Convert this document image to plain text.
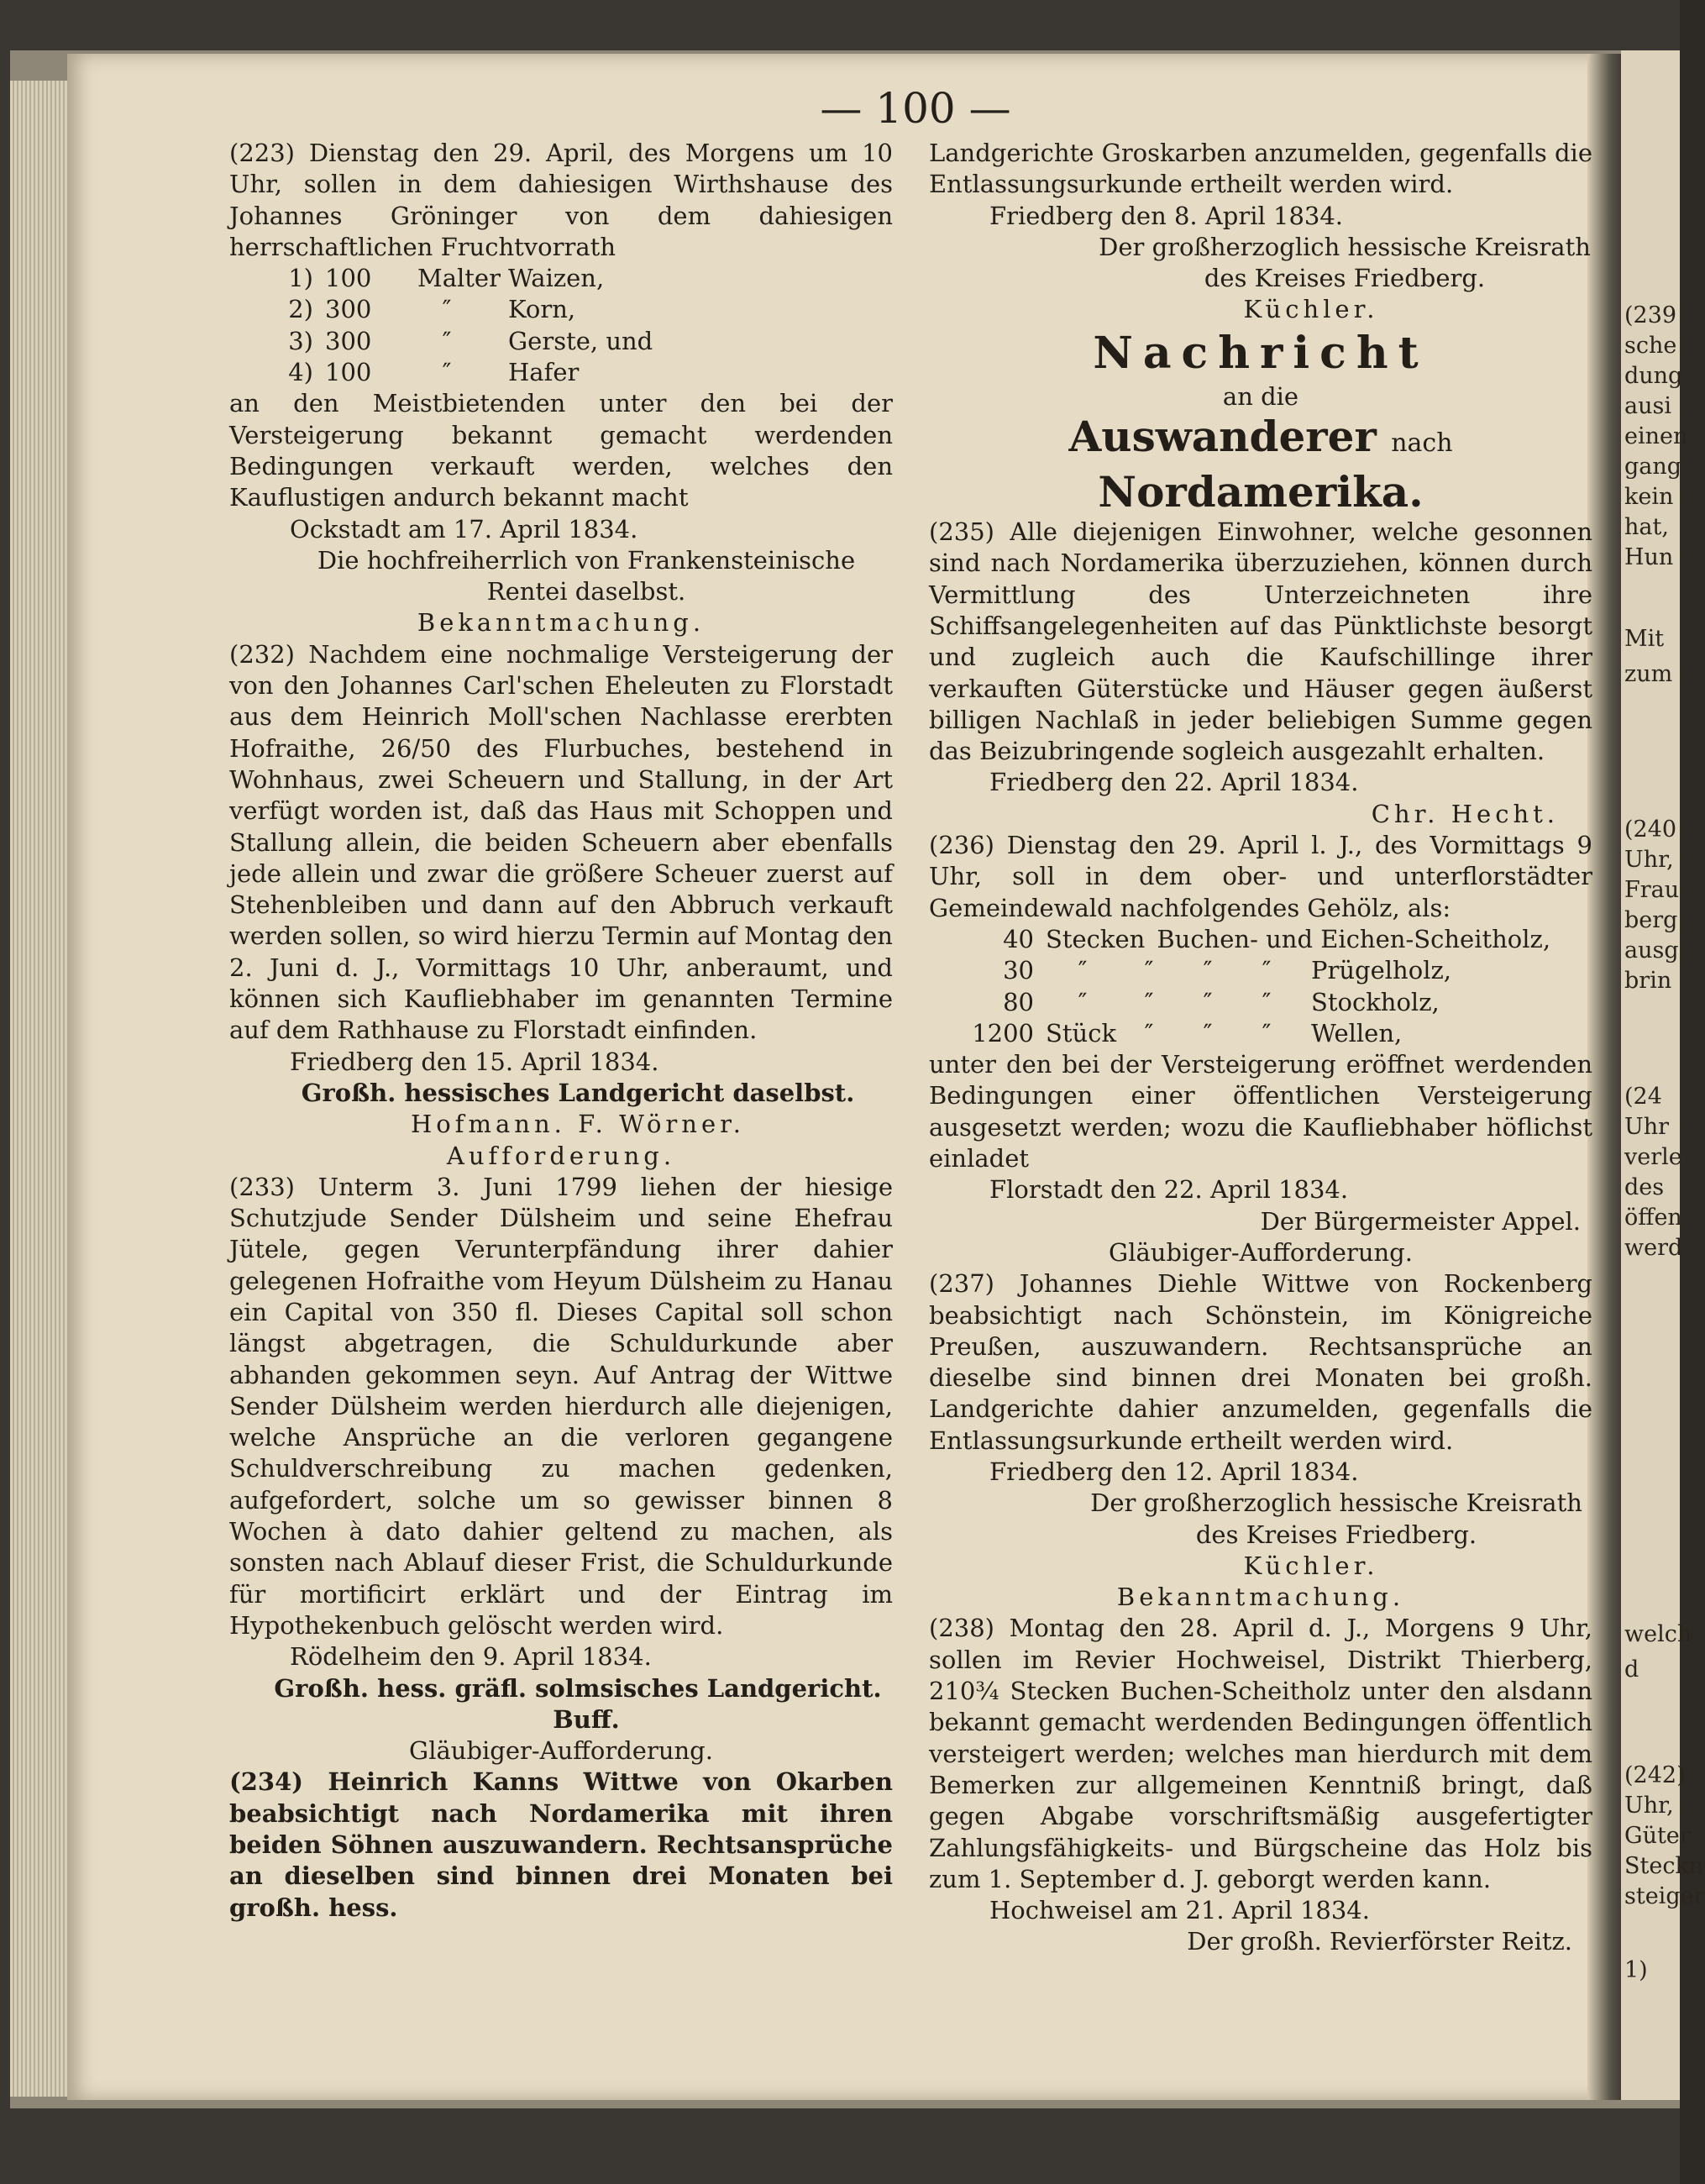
(239
sche
dung
ausi
einen
gang
kein
hat,
Hun
Mit
zum
(240
Uhr,
Frau
berg
ausg
brin
(24
Uhr
verle
des
öffen
werd
welch
d
(242)
Uhr,
Güter
Steckn
steiger
1)
— 100 —

(223) Dienstag den 29. April, des Morgens um 10 Uhr, sollen in dem dahiesigen Wirthshause des Johannes Gröninger von dem dahiesigen herrschaftlichen Fruchtvorrath

1) 100	Malter Waizen,
2) 300	″	Korn,
3) 300	″	Gerste, und
4) 100	″	Hafer

an den Meistbietenden unter den bei der Versteigerung bekannt gemacht werdenden Bedingungen verkauft werden, welches den Kauflustigen andurch bekannt macht

Ockstadt am 17. April 1834.

Die hochfreiherrlich von Frankensteinische Rentei daselbst.

Bekanntmachung.

(232) Nachdem eine nochmalige Versteigerung der von den Johannes Carl'schen Eheleuten zu Florstadt aus dem Heinrich Moll'schen Nachlasse ererbten Hofraithe, 26/50 des Flurbuches, bestehend in Wohnhaus, zwei Scheuern und Stallung, in der Art verfügt worden ist, daß das Haus mit Schoppen und Stallung allein, die beiden Scheuern aber ebenfalls jede allein und zwar die größere Scheuer zuerst auf Stehenbleiben und dann auf den Abbruch verkauft werden sollen, so wird hierzu Termin auf Montag den 2. Juni d. J., Vormittags 10 Uhr, anberaumt, und können sich Kaufliebhaber im genannten Termine auf dem Rathhause zu Florstadt einfinden.

Friedberg den 15. April 1834.

Großh. hessisches Landgericht daselbst.

Hofmann. F. Wörner.

Aufforderung.

(233) Unterm 3. Juni 1799 liehen der hiesige Schutzjude Sender Dülsheim und seine Ehefrau Jütele, gegen Verunterpfändung ihrer dahier gelegenen Hofraithe vom Heyum Dülsheim zu Hanau ein Capital von 350 fl. Dieses Capital soll schon längst abgetragen, die Schuldurkunde aber abhanden gekommen seyn. Auf Antrag der Wittwe Sender Dülsheim werden hierdurch alle diejenigen, welche Ansprüche an die verloren gegangene Schuldverschreibung zu machen gedenken, aufgefordert, solche um so gewisser binnen 8 Wochen à dato dahier geltend zu machen, als sonsten nach Ablauf dieser Frist, die Schuldurkunde für mortificirt erklärt und der Eintrag im Hypothekenbuch gelöscht werden wird.

Rödelheim den 9. April 1834.

Großh. hess. gräfl. solmsisches Landgericht.

Buff.

Gläubiger-Aufforderung.

(234) Heinrich Kanns Wittwe von Okarben beabsichtigt nach Nordamerika mit ihren beiden Söhnen auszuwandern. Rechtsansprüche an dieselben sind binnen drei Monaten bei großh. hess.

Landgerichte Groskarben anzumelden, gegenfalls die Entlassungsurkunde ertheilt werden wird.

Friedberg den 8. April 1834.

Der großherzoglich hessische Kreisrath des Kreises Friedberg.

Küchler.

Nachricht

an die

Auswanderer nach Nordamerika.

(235) Alle diejenigen Einwohner, welche gesonnen sind nach Nordamerika überzuziehen, können durch Vermittlung des Unterzeichneten ihre Schiffsangelegenheiten auf das Pünktlichste besorgt und zugleich auch die Kaufschillinge ihrer verkauften Güterstücke und Häuser gegen äußerst billigen Nachlaß in jeder beliebigen Summe gegen das Beizubringende sogleich ausgezahlt erhalten.

Friedberg den 22. April 1834.

Chr. Hecht.

(236) Dienstag den 29. April l. J., des Vormittags 9 Uhr, soll in dem ober- und unterflorstädter Gemeindewald nachfolgendes Gehölz, als:

40 Stecken Buchen- und Eichen-Scheitholz,
30	″	″	″	″	Prügelholz,
80	″	″	″	″	Stockholz,
1200 Stück	″	″	″	Wellen,

unter den bei der Versteigerung eröffnet werdenden Bedingungen einer öffentlichen Versteigerung ausgesetzt werden; wozu die Kaufliebhaber höflichst einladet

Florstadt den 22. April 1834.

Der Bürgermeister Appel.

Gläubiger-Aufforderung.

(237) Johannes Diehle Wittwe von Rockenberg beabsichtigt nach Schönstein, im Königreiche Preußen, auszuwandern. Rechtsansprüche an dieselbe sind binnen drei Monaten bei großh. Landgerichte dahier anzumelden, gegenfalls die Entlassungsurkunde ertheilt werden wird.

Friedberg den 12. April 1834.

Der großherzoglich hessische Kreisrath des Kreises Friedberg.

Küchler.

Bekanntmachung.

(238) Montag den 28. April d. J., Morgens 9 Uhr, sollen im Revier Hochweisel, Distrikt Thierberg, 210¾ Stecken Buchen-Scheitholz unter den alsdann bekannt gemacht werdenden Bedingungen öffentlich versteigert werden; welches man hierdurch mit dem Bemerken zur allgemeinen Kenntniß bringt, daß gegen Abgabe vorschriftsmäßig ausgefertigter Zahlungsfähigkeits- und Bürgscheine das Holz bis zum 1. September d. J. geborgt werden kann.

Hochweisel am 21. April 1834.

Der großh. Revierförster Reitz.
